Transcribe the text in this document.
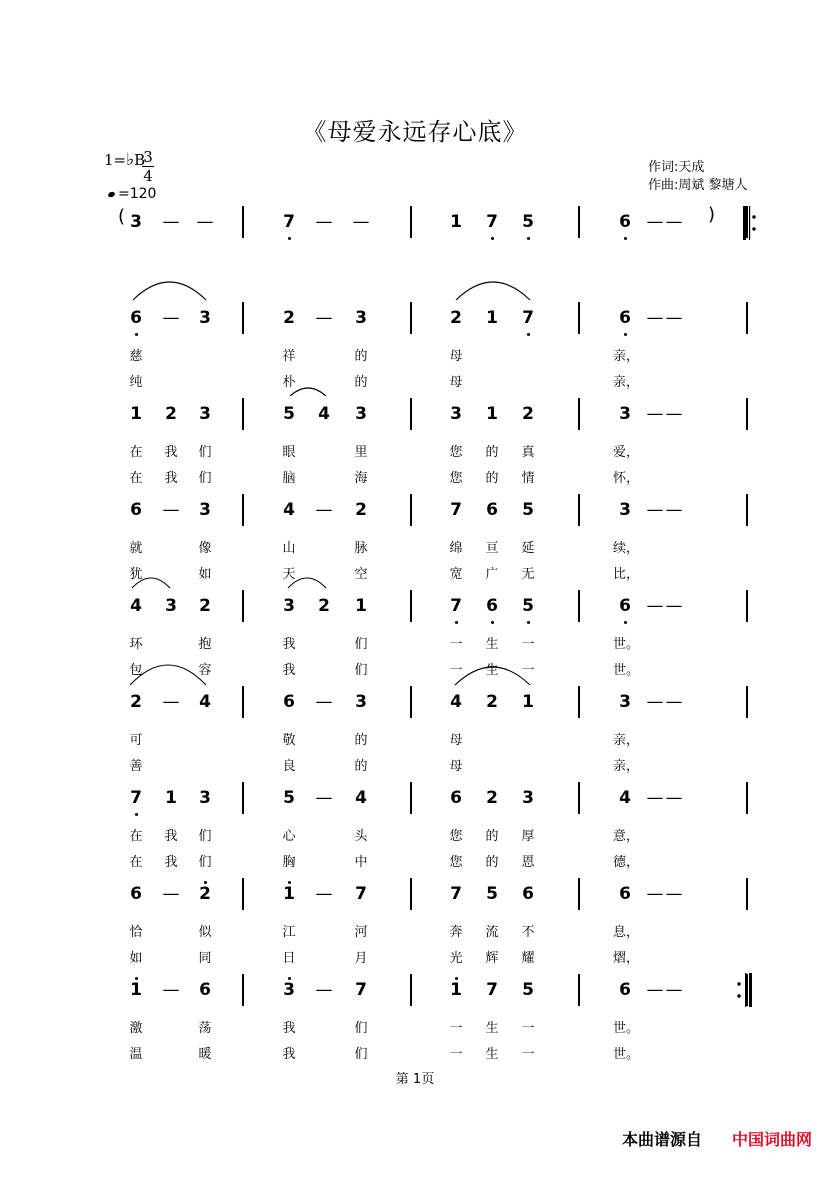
《母爱永远存心底》
1=♭B
3
4
=120
作词:天成
作曲:周斌 黎塘人
(	)
3 — —	7 — —	1 7 5	6 — —
6 — 3	2 — 3	2 1 7	6 — —
慈	祥	的	母	亲，
纯	朴	的	母	亲，
1 2 3	5 4 3	3 1 2	3 — —
在	我	们	眼	里	您	的	真	爱，
在	我	们	脑	海	您	的	情	怀，
6 — 3	4 — 2	7 6 5	3 — —
就	像	山	脉	绵	亘	延	续，
犹	如	天	空	宽	广	无	比，
4 3 2	3 2 1	7 6 5	6 — —
环	抱	我	们	一	生	一	世。
包	容	我	们	一	生	一	世。
2 — 4	6 — 3	4 2 1	3 — —
可	敬	的	母	亲，
善	良	的	母	亲，
7 1 3	5 — 4	6 2 3	4 — —
在	我	们	心	头	您	的	厚	意，
在	我	们	胸	中	您	的	恩	德，
6 — 2	1 — 7	7 5 6	6 — —
恰	似	江	河	奔	流	不	息，
如	同	日	月	光	辉	耀	熠，
1 — 6	3 — 7	1 7 5	6 — —
激	荡	我	们	一	生	一	世。
温	暖	我	们	一	生	一	世。
第 1页
本曲谱源自 中国词曲网
